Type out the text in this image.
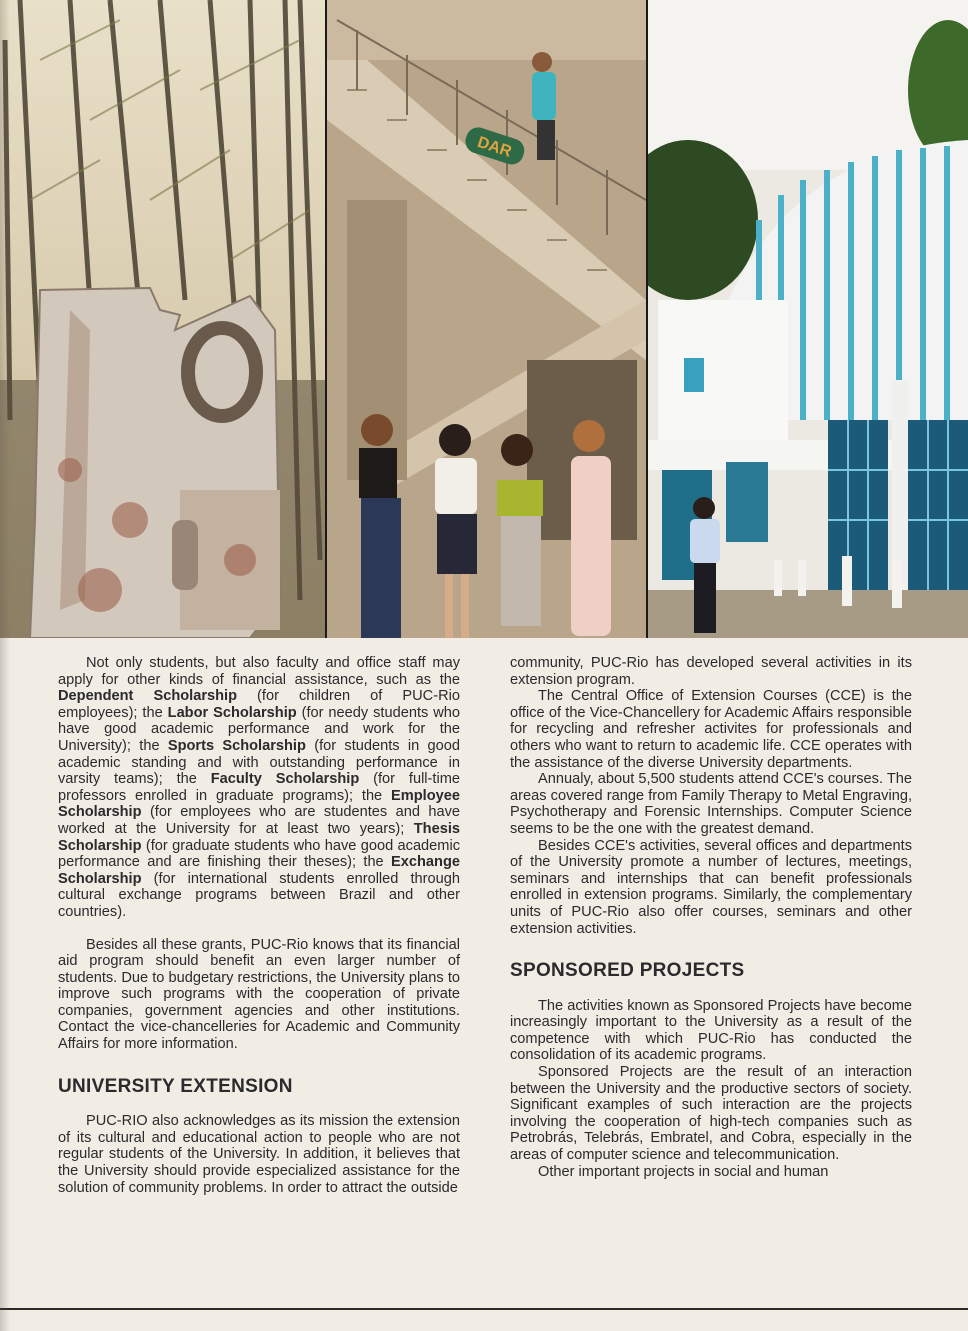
DAR

Not only students, but also faculty and office staff may apply for other kinds of financial assistance, such as the Dependent Scholarship (for children of PUC-Rio employees); the Labor Scholarship (for needy students who have good academic performance and work for the University); the Sports Scholarship (for students in good academic standing and with outstanding performance in varsity teams); the Faculty Scholarship (for full-time professors enrolled in graduate programs); the Employee Scholarship (for employees who are studentes and have worked at the University for at least two years); Thesis Scholarship (for graduate students who have good academic performance and are finishing their theses); the Exchange Scholarship (for international students enrolled through cultural exchange programs between Brazil and other countries).

Besides all these grants, PUC-Rio knows that its financial aid program should benefit an even larger number of students. Due to budgetary restrictions, the University plans to improve such programs with the cooperation of private companies, government agencies and other institutions. Contact the vice-chancelleries for Academic and Community Affairs for more information.

UNIVERSITY EXTENSION

PUC-RIO also acknowledges as its mission the extension of its cultural and educational action to people who are not regular students of the University. In addition, it believes that the University should provide especialized assistance for the solution of community problems. In order to attract the outside

community, PUC-Rio has developed several activities in its extension program.

The Central Office of Extension Courses (CCE) is the office of the Vice-Chancellery for Academic Affairs responsible for recycling and refresher activites for professionals and others who want to return to academic life. CCE operates with the assistance of the diverse University departments.

Annualy, about 5,500 students attend CCE's courses. The areas covered range from Family Therapy to Metal Engraving, Psychotherapy and Forensic Internships. Computer Science seems to be the one with the greatest demand.

Besides CCE's activities, several offices and departments of the University promote a number of lectures, meetings, seminars and internships that can benefit professionals enrolled in extension programs. Similarly, the complementary units of PUC-Rio also offer courses, seminars and other extension activities.

SPONSORED PROJECTS

The activities known as Sponsored Projects have become increasingly important to the University as a result of the competence with which PUC-Rio has conducted the consolidation of its academic programs.

Sponsored Projects are the result of an interaction between the University and the productive sectors of society. Significant examples of such interaction are the projects involving the cooperation of high-tech companies such as Petrobrás, Telebrás, Embratel, and Cobra, especially in the areas of computer science and telecommunication.

Other important projects in social and human
